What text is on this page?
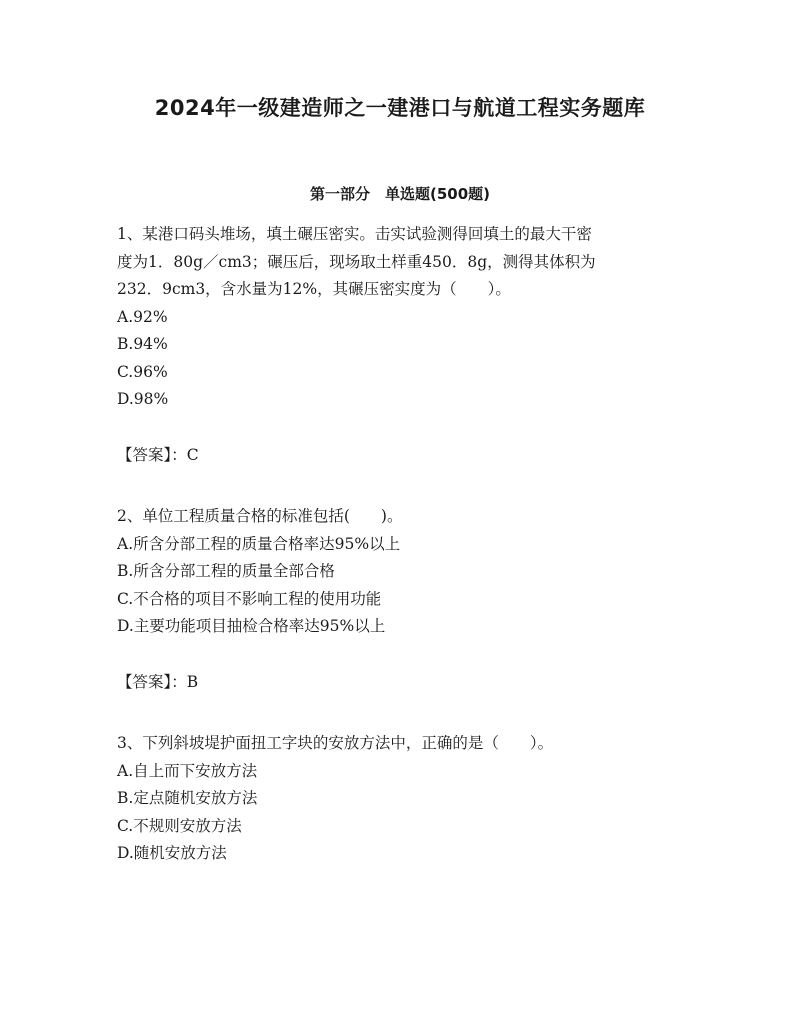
2024年一级建造师之一建港口与航道工程实务题库
第一部分　单选题(500题)
1、某港口码头堆场，填土碾压密实。击实试验测得回填土的最大干密
度为1．80g／cm3；碾压后，现场取土样重450．8g，测得其体积为
232．9cm3，含水量为12%，其碾压密实度为（　　）。
A.92%
B.94%
C.96%
D.98%
【答案】：C
2、单位工程质量合格的标准包括(　　)。
A.所含分部工程的质量合格率达95%以上
B.所含分部工程的质量全部合格
C.不合格的项目不影响工程的使用功能
D.主要功能项目抽检合格率达95%以上
【答案】：B
3、下列斜坡堤护面扭工字块的安放方法中，正确的是（　　）。
A.自上而下安放方法
B.定点随机安放方法
C.不规则安放方法
D.随机安放方法
